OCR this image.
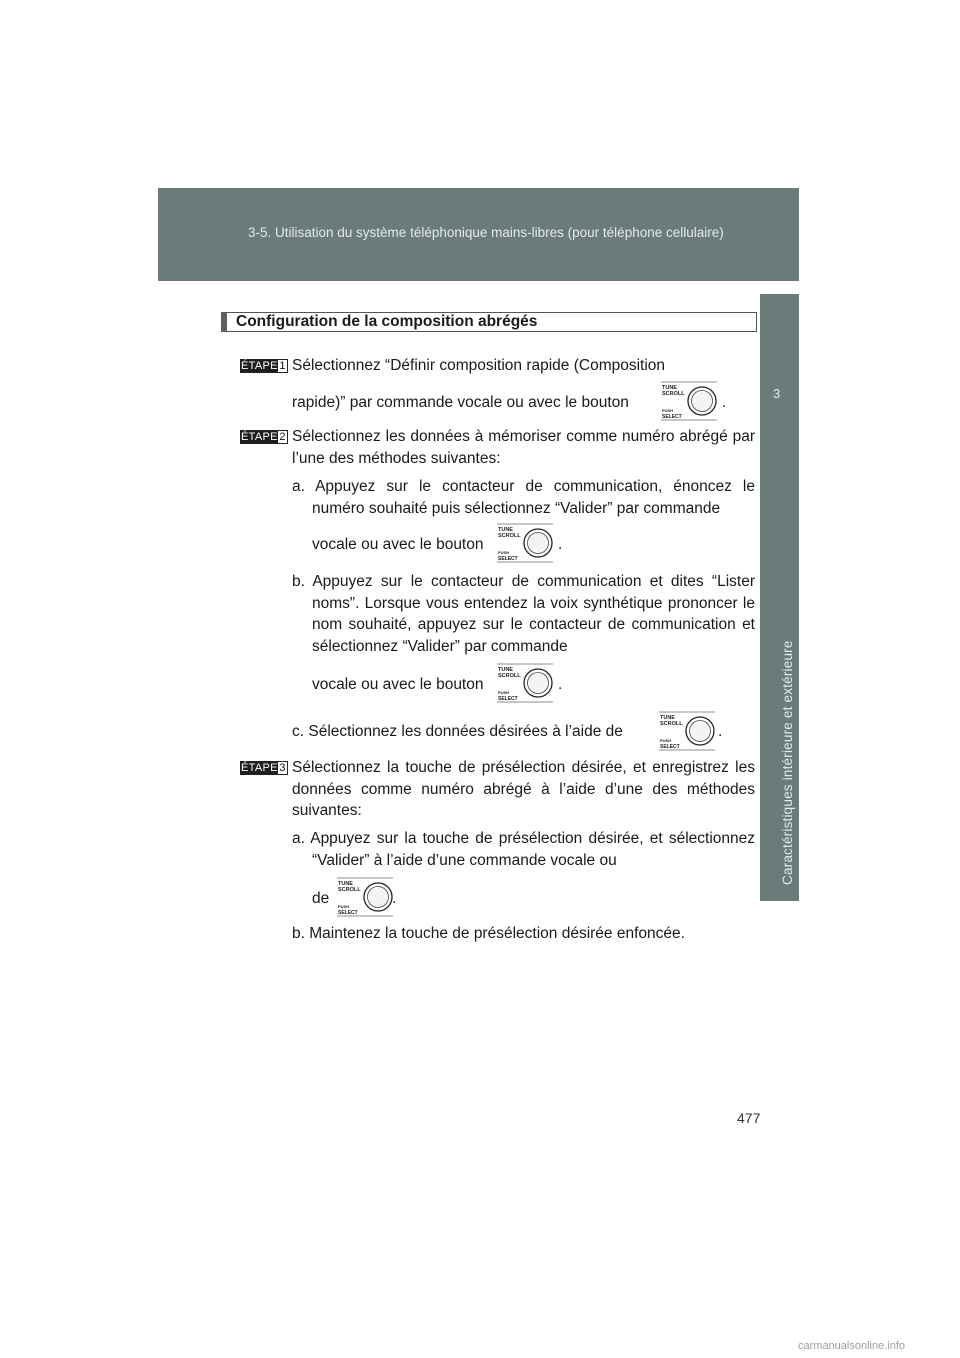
3-5. Utilisation du système téléphonique mains-libres (pour téléphone cellulaire)
3
Caractéristiques intérieure et extérieure
Configuration de la composition abrégés
ÉTAPE 1 Sélectionnez “Définir composition rapide (Composition
rapide)” par commande vocale ou avec le bouton
TUNE
SCROLL
PUSH
SELECT
.
ÉTAPE 2 Sélectionnez les données à mémoriser comme numéro abrégé par l’une des méthodes suivantes:
a. Appuyez sur le contacteur de communication, énoncez le numéro souhaité puis sélectionnez “Valider” par commande
vocale ou avec le bouton
TUNE
SCROLL
PUSH
SELECT
.
b. Appuyez sur le contacteur de communication et dites “Lister noms”. Lorsque vous entendez la voix synthétique prononcer le nom souhaité, appuyez sur le contacteur de communication et sélectionnez “Valider” par commande
vocale ou avec le bouton
TUNE
SCROLL
PUSH
SELECT
.
c. Sélectionnez les données désirées à l’aide de
TUNE
SCROLL
PUSH
SELECT
.
ÉTAPE 3 Sélectionnez la touche de présélection désirée, et enregistrez les données comme numéro abrégé à l’aide d’une des méthodes suivantes:
a. Appuyez sur la touche de présélection désirée, et sélectionnez “Valider” à l’aide d’une commande vocale ou
de
TUNE
SCROLL
PUSH
SELECT
.
b. Maintenez la touche de présélection désirée enfoncée.
477
carmanualsonline.info
